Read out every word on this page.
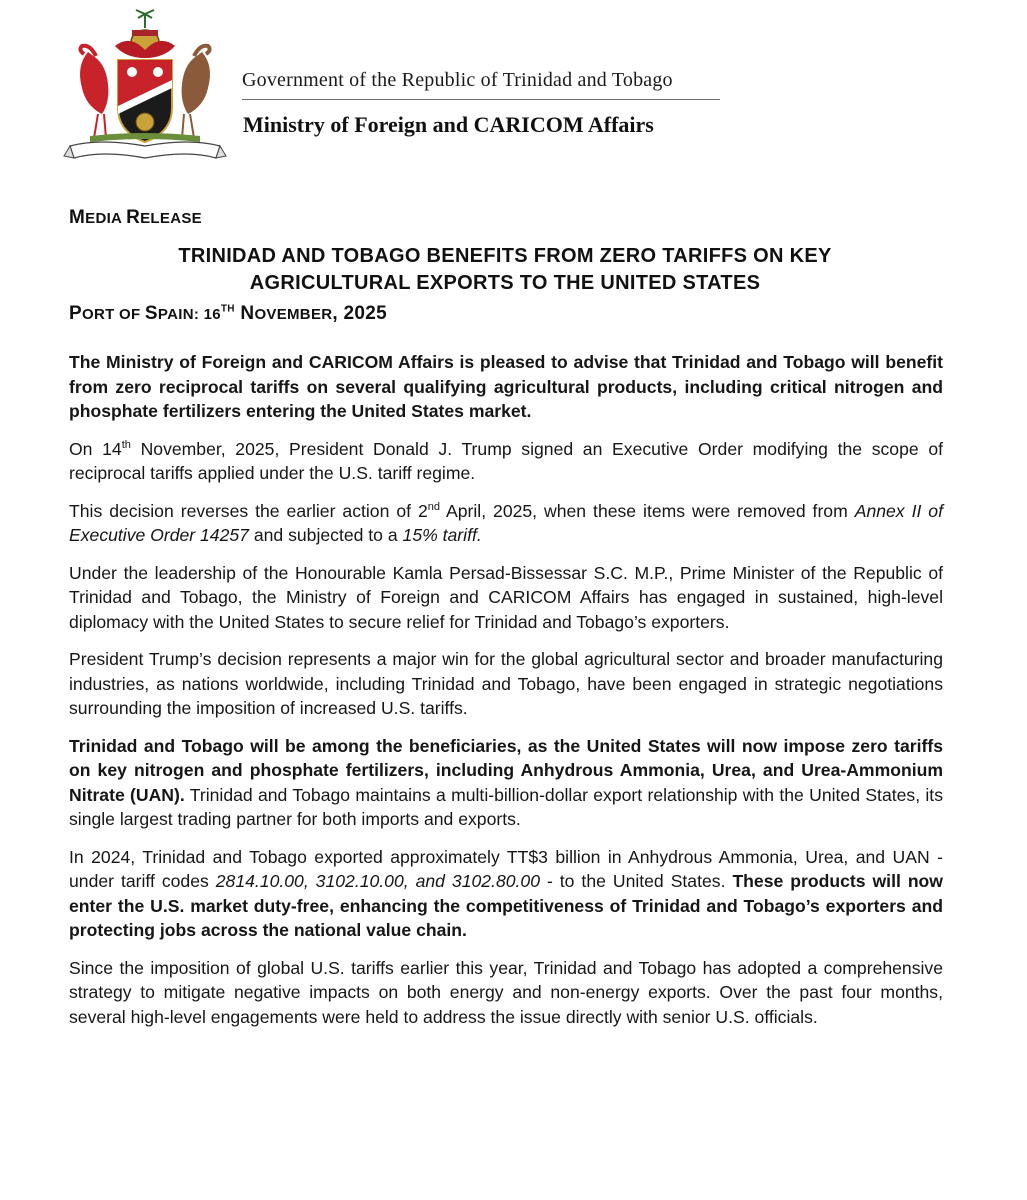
Government of the Republic of Trinidad and Tobago
Ministry of Foreign and CARICOM Affairs
MEDIA RELEASE
TRINIDAD AND TOBAGO BENEFITS FROM ZERO TARIFFS ON KEY
AGRICULTURAL EXPORTS TO THE UNITED STATES
PORT OF SPAIN: 16TH NOVEMBER, 2025

The Ministry of Foreign and CARICOM Affairs is pleased to advise that Trinidad and Tobago will benefit from zero reciprocal tariffs on several qualifying agricultural products, including critical nitrogen and phosphate fertilizers entering the United States market.

On 14th November, 2025, President Donald J. Trump signed an Executive Order modifying the scope of reciprocal tariffs applied under the U.S. tariff regime.

This decision reverses the earlier action of 2nd April, 2025, when these items were removed from Annex II of Executive Order 14257 and subjected to a 15% tariff.

Under the leadership of the Honourable Kamla Persad-Bissessar S.C. M.P., Prime Minister of the Republic of Trinidad and Tobago, the Ministry of Foreign and CARICOM Affairs has engaged in sustained, high-level diplomacy with the United States to secure relief for Trinidad and Tobago’s exporters.

President Trump’s decision represents a major win for the global agricultural sector and broader manufacturing industries, as nations worldwide, including Trinidad and Tobago, have been engaged in strategic negotiations surrounding the imposition of increased U.S. tariffs.

Trinidad and Tobago will be among the beneficiaries, as the United States will now impose zero tariffs on key nitrogen and phosphate fertilizers, including Anhydrous Ammonia, Urea, and Urea-Ammonium Nitrate (UAN). Trinidad and Tobago maintains a multi-billion-dollar export relationship with the United States, its single largest trading partner for both imports and exports.

In 2024, Trinidad and Tobago exported approximately TT$3 billion in Anhydrous Ammonia, Urea, and UAN - under tariff codes 2814.10.00, 3102.10.00, and 3102.80.00 - to the United States. These products will now enter the U.S. market duty-free, enhancing the competitiveness of Trinidad and Tobago’s exporters and protecting jobs across the national value chain.

Since the imposition of global U.S. tariffs earlier this year, Trinidad and Tobago has adopted a comprehensive strategy to mitigate negative impacts on both energy and non-energy exports. Over the past four months, several high-level engagements were held to address the issue directly with senior U.S. officials.
